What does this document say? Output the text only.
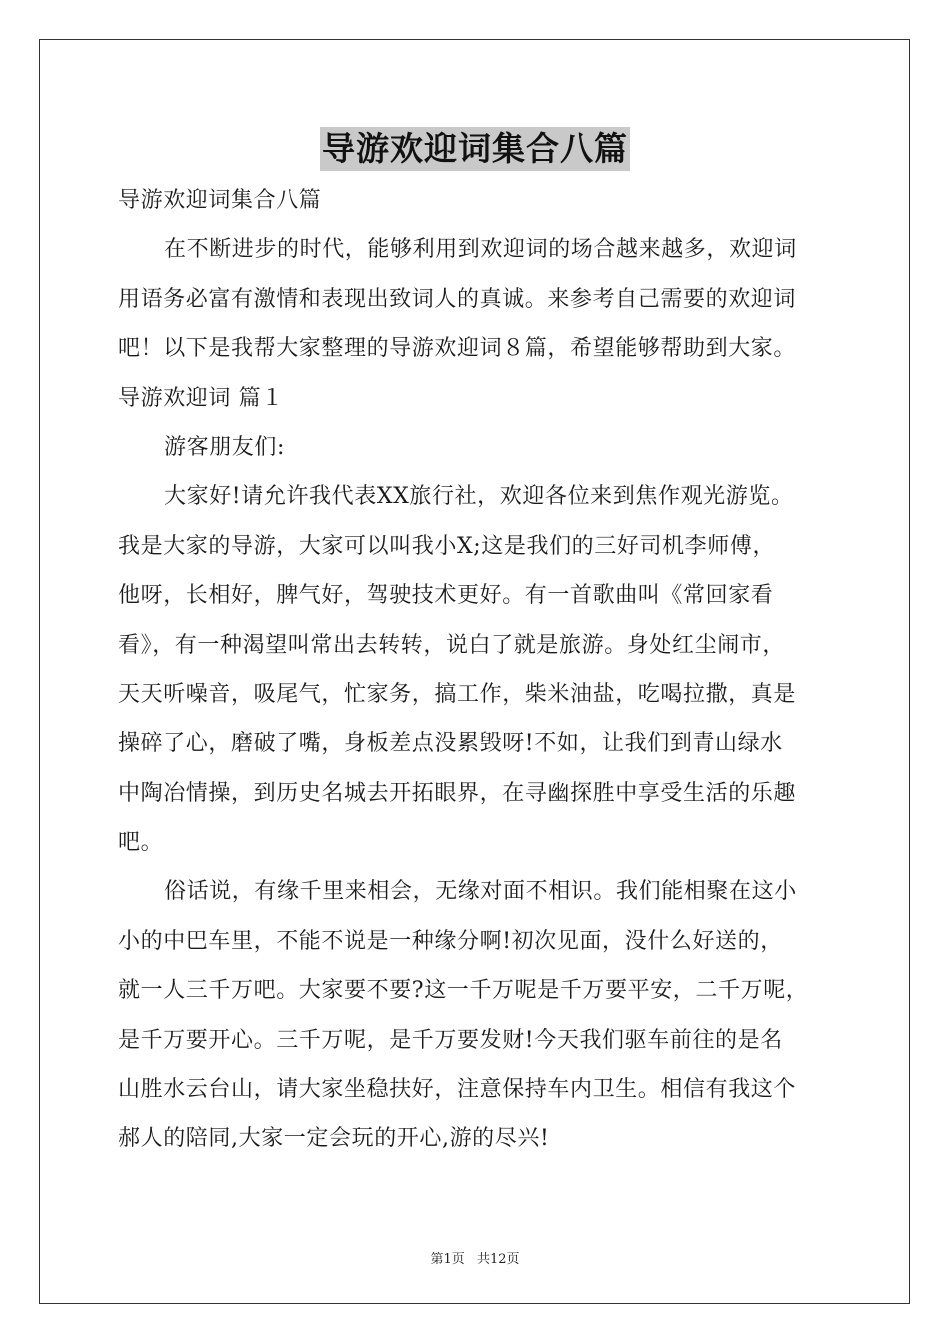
导游欢迎词集合八篇
导游欢迎词集合八篇
在不断进步的时代，能够利用到欢迎词的场合越来越多，欢迎词
用语务必富有激情和表现出致词人的真诚。来参考自己需要的欢迎词
吧！以下是我帮大家整理的导游欢迎词８篇，希望能够帮助到大家。
导游欢迎词 篇１
游客朋友们:
大家好!请允许我代表XX旅行社，欢迎各位来到焦作观光游览。
我是大家的导游，大家可以叫我小X;这是我们的三好司机李师傅，
他呀，长相好，脾气好，驾驶技术更好。有一首歌曲叫《常回家看
看》，有一种渴望叫常出去转转，说白了就是旅游。身处红尘闹市，
天天听噪音，吸尾气，忙家务，搞工作，柴米油盐，吃喝拉撒，真是
操碎了心，磨破了嘴，身板差点没累毁呀!不如，让我们到青山绿水
中陶冶情操，到历史名城去开拓眼界，在寻幽探胜中享受生活的乐趣
吧。
俗话说，有缘千里来相会，无缘对面不相识。我们能相聚在这小
小的中巴车里，不能不说是一种缘分啊!初次见面，没什么好送的，
就一人三千万吧。大家要不要?这一千万呢是千万要平安，二千万呢，
是千万要开心。三千万呢，是千万要发财!今天我们驱车前往的是名
山胜水云台山，请大家坐稳扶好，注意保持车内卫生。相信有我这个
郝人的陪同,大家一定会玩的开心,游的尽兴!
第1页 共12页
